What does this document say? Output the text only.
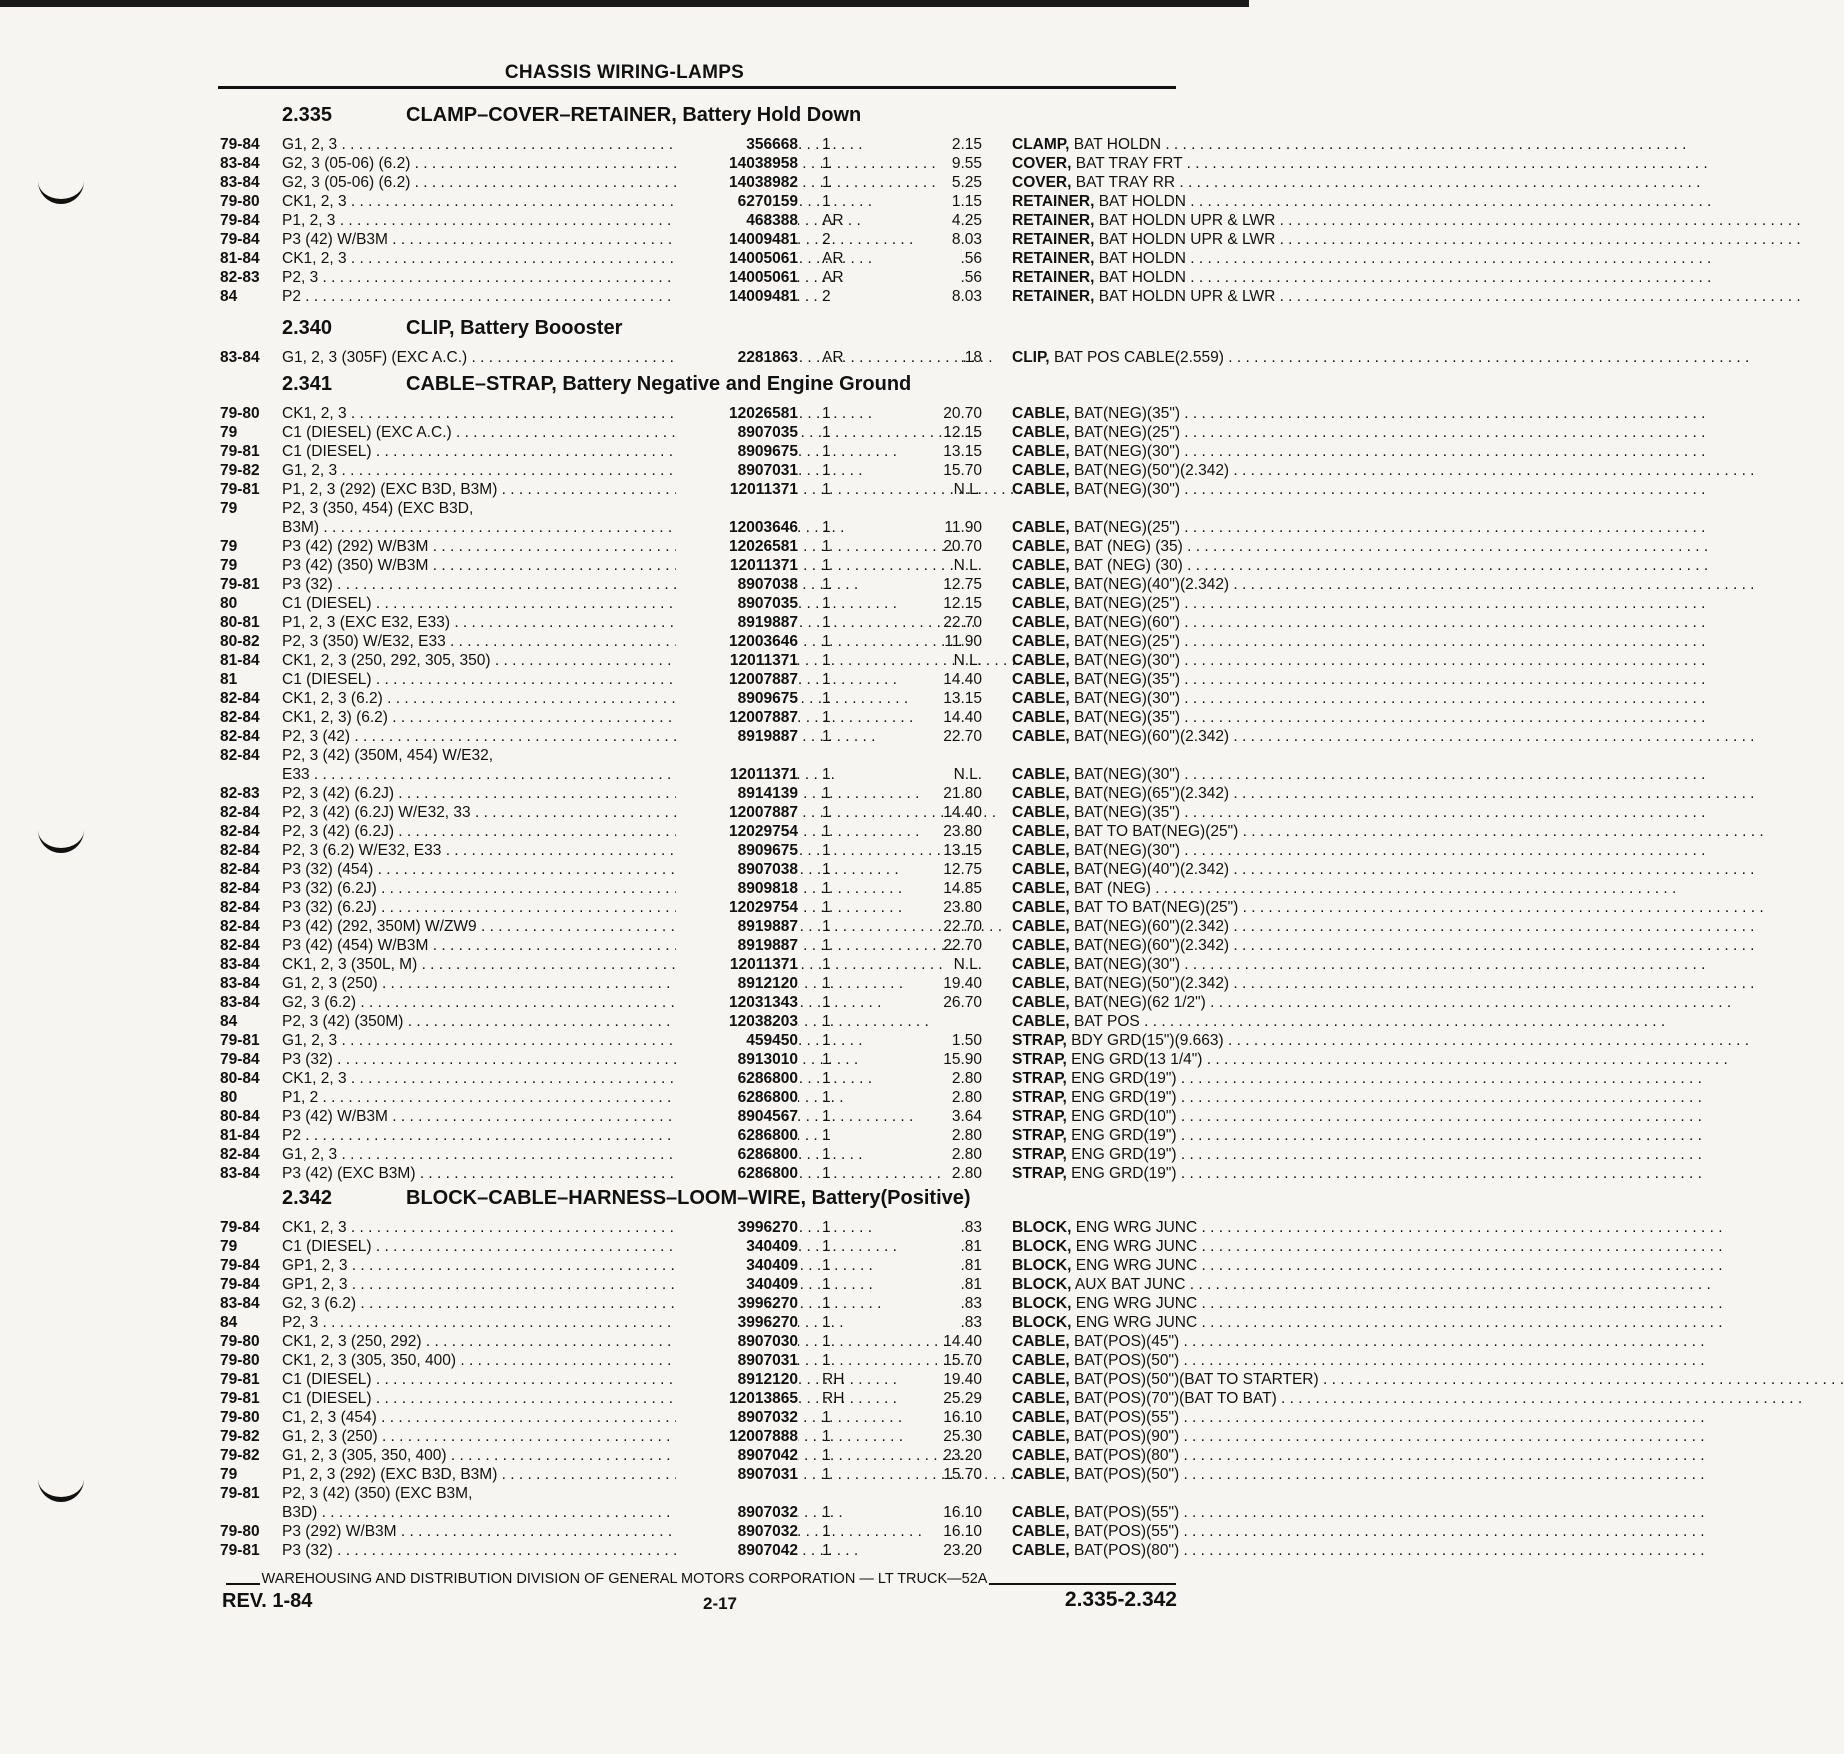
CHASSIS WIRING-LAMPS
2.335	CLAMP–COVER–RETAINER, Battery Hold Down
79-84	G1, 2, 3 . . .	356668 1	2.15 CLAMP, BAT HOLDN . . .
83-84	G2, 3 (05-06) (6.2) . . .	14038958 1	9.55 COVER, BAT TRAY FRT . . .
83-84	G2, 3 (05-06) (6.2) . . .	14038982 1	5.25 COVER, BAT TRAY RR . . .
79-80	CK1, 2, 3 . . .	6270159 1	1.15 RETAINER, BAT HOLDN . . .
79-84	P1, 2, 3 . . .	468388 AR	4.25 RETAINER, BAT HOLDN UPR & LWR . . .
79-84	P3 (42) W/B3M . . .	14009481 2	8.03 RETAINER, BAT HOLDN UPR & LWR . . .
81-84	CK1, 2, 3 . . .	14005061 AR	.56 RETAINER, BAT HOLDN . . .
82-83	P2, 3 . . .	14005061 AR	.56 RETAINER, BAT HOLDN . . .
84	P2 . . .	14009481 2	8.03 RETAINER, BAT HOLDN UPR & LWR . . .
2.340	CLIP, Battery Boooster
83-84	G1, 2, 3 (305F) (EXC A.C.) . . .	2281863 AR	.18 CLIP, BAT POS CABLE(2.559) . . .
2.341	CABLE–STRAP, Battery Negative and Engine Ground
79-80	CK1, 2, 3 . . .	12026581 1	20.70 CABLE, BAT(NEG)(35") . . .
79	C1 (DIESEL) (EXC A.C.) . . .	8907035 1	12.15 CABLE, BAT(NEG)(25") . . .
79-81	C1 (DIESEL) . . .	8909675 1	13.15 CABLE, BAT(NEG)(30") . . .
79-82	G1, 2, 3 . . .	8907031 1	15.70 CABLE, BAT(NEG)(50")(2.342) . . .
79-81	P1, 2, 3 (292) (EXC B3D, B3M) . . .	12011371 1	N.L. CABLE, BAT(NEG)(30") . . .
79	P2, 3 (350, 454) (EXC B3D,
B3M) . . .	12003646 1	11.90 CABLE, BAT(NEG)(25") . . .
79	P3 (42) (292) W/B3M . . .	12026581 1	20.70 CABLE, BAT (NEG) (35) . . .
79	P3 (42) (350) W/B3M . . .	12011371 1	N.L. CABLE, BAT (NEG) (30) . . .
79-81	P3 (32) . . .	8907038 1	12.75 CABLE, BAT(NEG)(40")(2.342) . . .
80	C1 (DIESEL) . . .	8907035 1	12.15 CABLE, BAT(NEG)(25") . . .
80-81	P1, 2, 3 (EXC E32, E33) . . .	8919887 1	22.70 CABLE, BAT(NEG)(60") . . .
80-82	P2, 3 (350) W/E32, E33 . . .	12003646 1	11.90 CABLE, BAT(NEG)(25") . . .
81-84	CK1, 2, 3 (250, 292, 305, 350) . . .	12011371 1	N.L. CABLE, BAT(NEG)(30") . . .
81	C1 (DIESEL) . . .	12007887 1	14.40 CABLE, BAT(NEG)(35") . . .
82-84	CK1, 2, 3 (6.2) . . .	8909675 1	13.15 CABLE, BAT(NEG)(30") . . .
82-84	CK1, 2, 3) (6.2) . . .	12007887 1	14.40 CABLE, BAT(NEG)(35") . . .
82-84	P2, 3 (42) . . .	8919887 1	22.70 CABLE, BAT(NEG)(60")(2.342) . . .
82-84	P2, 3 (42) (350M, 454) W/E32,
E33 . . .	12011371 1	N.L. CABLE, BAT(NEG)(30") . . .
82-83	P2, 3 (42) (6.2J) . . .	8914139 1	21.80 CABLE, BAT(NEG)(65")(2.342) . . .
82-84	P2, 3 (42) (6.2J) W/E32, 33 . . .	12007887 1	14.40 CABLE, BAT(NEG)(35") . . .
82-84	P2, 3 (42) (6.2J) . . .	12029754 1	23.80 CABLE, BAT TO BAT(NEG)(25") . . .
82-84	P2, 3 (6.2) W/E32, E33 . . .	8909675 1	13.15 CABLE, BAT(NEG)(30") . . .
82-84	P3 (32) (454) . . .	8907038 1	12.75 CABLE, BAT(NEG)(40")(2.342) . . .
82-84	P3 (32) (6.2J) . . .	8909818 1	14.85 CABLE, BAT (NEG) . . .
82-84	P3 (32) (6.2J) . . .	12029754 1	23.80 CABLE, BAT TO BAT(NEG)(25") . . .
82-84	P3 (42) (292, 350M) W/ZW9 . . .	8919887 1	22.70 CABLE, BAT(NEG)(60")(2.342) . . .
82-84	P3 (42) (454) W/B3M . . .	8919887 1	22.70 CABLE, BAT(NEG)(60")(2.342) . . .
83-84	CK1, 2, 3 (350L, M) . . .	12011371 1	N.L. CABLE, BAT(NEG)(30") . . .
83-84	G1, 2, 3 (250) . . .	8912120 1	19.40 CABLE, BAT(NEG)(50")(2.342) . . .
83-84	G2, 3 (6.2) . . .	12031343 1	26.70 CABLE, BAT(NEG)(62 1/2") . . .
84	P2, 3 (42) (350M) . . .	12038203 1	CABLE, BAT POS . . .
79-81	G1, 2, 3 . . .	459450 1	1.50 STRAP, BDY GRD(15")(9.663) . . .
79-84	P3 (32) . . .	8913010 1	15.90 STRAP, ENG GRD(13 1/4") . . .
80-84	CK1, 2, 3 . . .	6286800 1	2.80 STRAP, ENG GRD(19") . . .
80	P1, 2 . . .	6286800 1	2.80 STRAP, ENG GRD(19") . . .
80-84	P3 (42) W/B3M . . .	8904567 1	3.64 STRAP, ENG GRD(10") . . .
81-84	P2 . . .	6286800 1	2.80 STRAP, ENG GRD(19") . . .
82-84	G1, 2, 3 . . .	6286800 1	2.80 STRAP, ENG GRD(19") . . .
83-84	P3 (42) (EXC B3M) . . .	6286800 1	2.80 STRAP, ENG GRD(19") . . .
2.342	BLOCK–CABLE–HARNESS–LOOM–WIRE, Battery(Positive)
79-84	CK1, 2, 3 . . .	3996270 1	.83 BLOCK, ENG WRG JUNC . . .
79	C1 (DIESEL) . . .	340409 1	.81 BLOCK, ENG WRG JUNC . . .
79-84	GP1, 2, 3 . . .	340409 1	.81 BLOCK, ENG WRG JUNC . . .
79-84	GP1, 2, 3 . . .	340409 1	.81 BLOCK, AUX BAT JUNC . . .
83-84	G2, 3 (6.2) . . .	3996270 1	.83 BLOCK, ENG WRG JUNC . . .
84	P2, 3 . . .	3996270 1	.83 BLOCK, ENG WRG JUNC . . .
79-80	CK1, 2, 3 (250, 292) . . .	8907030 1	14.40 CABLE, BAT(POS)(45") . . .
79-80	CK1, 2, 3 (305, 350, 400) . . .	8907031 1	15.70 CABLE, BAT(POS)(50") . . .
79-81	C1 (DIESEL) . . .	8912120 RH	19.40 CABLE, BAT(POS)(50")(BAT TO STARTER) . . .
79-81	C1 (DIESEL) . . .	12013865 RH	25.29 CABLE, BAT(POS)(70")(BAT TO BAT) . . .
79-80	C1, 2, 3 (454) . . .	8907032 1	16.10 CABLE, BAT(POS)(55") . . .
79-82	G1, 2, 3 (250) . . .	12007888 1	25.30 CABLE, BAT(POS)(90") . . .
79-82	G1, 2, 3 (305, 350, 400) . . .	8907042 1	23.20 CABLE, BAT(POS)(80") . . .
79	P1, 2, 3 (292) (EXC B3D, B3M) . . .	8907031 1	15.70 CABLE, BAT(POS)(50") . . .
79-81	P2, 3 (42) (350) (EXC B3M,
B3D) . . .	8907032 1	16.10 CABLE, BAT(POS)(55") . . .
79-80	P3 (292) W/B3M . . .	8907032 1	16.10 CABLE, BAT(POS)(55") . . .
79-81	P3 (32) . . .	8907042 1	23.20 CABLE, BAT(POS)(80") . . .
WAREHOUSING AND DISTRIBUTION DIVISION OF GENERAL MOTORS CORPORATION — LT TRUCK—52A
REV. 1-84	2-17	2.335-2.342
